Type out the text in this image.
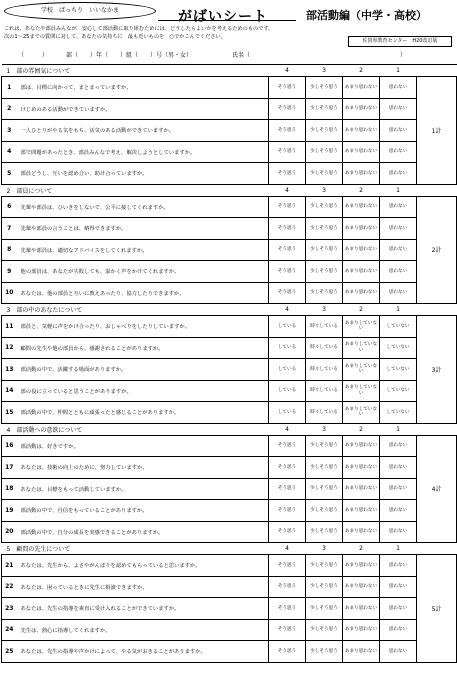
学校　ばっちり　いいなかま	がばいシート	部活動編（中学・高校）
これは、あなたや部員みんなが　安心して部活動に取り組むためには、どうしたらよいかを考えるためのものです。
次の1〜25までの質問に対して、あなたの気持ちに　最も近いものを　○でかこんでください。
佐賀県教育センター　H20改訂版
（　　　）	部（　　）年（　　）組（　　）号（男・女）	氏名（	）
1　部の雰囲気について		4	3	2	1	
1	部は、目標に向かって、まとまっていますか。	そう思う	少しそう思う	あまり思わない	思わない	1計
2	けじめのある活動ができていますか。	そう思う	少しそう思う	あまり思わない	思わない	
3	一人ひとりがやる気をもち、活気のある活動ができていますか。	そう思う	少しそう思う	あまり思わない	思わない	
4	部で問題があったとき、部員みんなで考え、解決しようとしていますか。	そう思う	少しそう思う	あまり思わない	思わない	
5	部員どうし、互いを認め合い、助け合っていますか。	そう思う	少しそう思う	あまり思わない	思わない	
2　部員について		4	3	2	1	
6	先輩や部員は、ひいきをしないで、公平に接してくれますか。	そう思う	少しそう思う	あまり思わない	思わない	2計
7	先輩や部員の言うことは、納得できますか。	そう思う	少しそう思う	あまり思わない	思わない	
8	先輩や部員は、適切なアドバイスをしてくれますか。	そう思う	少しそう思う	あまり思わない	思わない	
9	他の部員は、あなたが失敗しても、温かく声をかけてくれますか。	そう思う	少しそう思う	あまり思わない	思わない	
10	あなたは、他の部員と互いに教えあったり、協力したりできますか。	そう思う	少しそう思う	あまり思わない	思わない	
3　部の中のあなたについて		4	3	2	1	
11	部員と、気軽に声をかけ合ったり、おしゃべりをしたりしていますか。	している	時々している	あまりしていない	していない	3計
12	顧問の先生や他の部員から、感謝されることがありますか。	している	時々している	あまりしていない	していない	
13	部活動の中で、活躍する場面がありますか。	している	時々している	あまりしていない	していない	
14	部の役に立っていると思うことがありますか。	している	時々している	あまりしていない	していない	
15	部活動の中で、仲間とともに頑張ったと感じることがありますか。	している	時々している	あまりしていない	していない	
4　部活動への意欲について		4	3	2	1	
16	部活動は、好きですか。	そう思う	少しそう思う	あまり思わない	思わない	4計
17	あなたは、技術の向上のために、努力していますか。	そう思う	少しそう思う	あまり思わない	思わない	
18	あなたは、目標をもって活動していますか。	そう思う	少しそう思う	あまり思わない	思わない	
19	部活動の中で、自信をもっていることがありますか。	そう思う	少しそう思う	あまり思わない	思わない	
20	部活動の中で、自分の成長を実感できることがありますか。	そう思う	少しそう思う	あまり思わない	思わない	
5　顧問の先生について		4	3	2	1	
21	あなたは、先生から、よさやがんばりを認めてもらっていると思いますか。	そう思う	少しそう思う	あまり思わない	思わない	5計
22	あなたは、困っているときに先生に相談できますか。	そう思う	少しそう思う	あまり思わない	思わない	
23	あなたは、先生の指導を素直に受け入れることができていますか。	そう思う	少しそう思う	あまり思わない	思わない	
24	先生は、熱心に指導してくれますか。	そう思う	少しそう思う	あまり思わない	思わない	
25	あなたは、先生の指導や声かけによって、やる気がおきることがありますか。	そう思う	少しそう思う	あまり思わない	思わない	
